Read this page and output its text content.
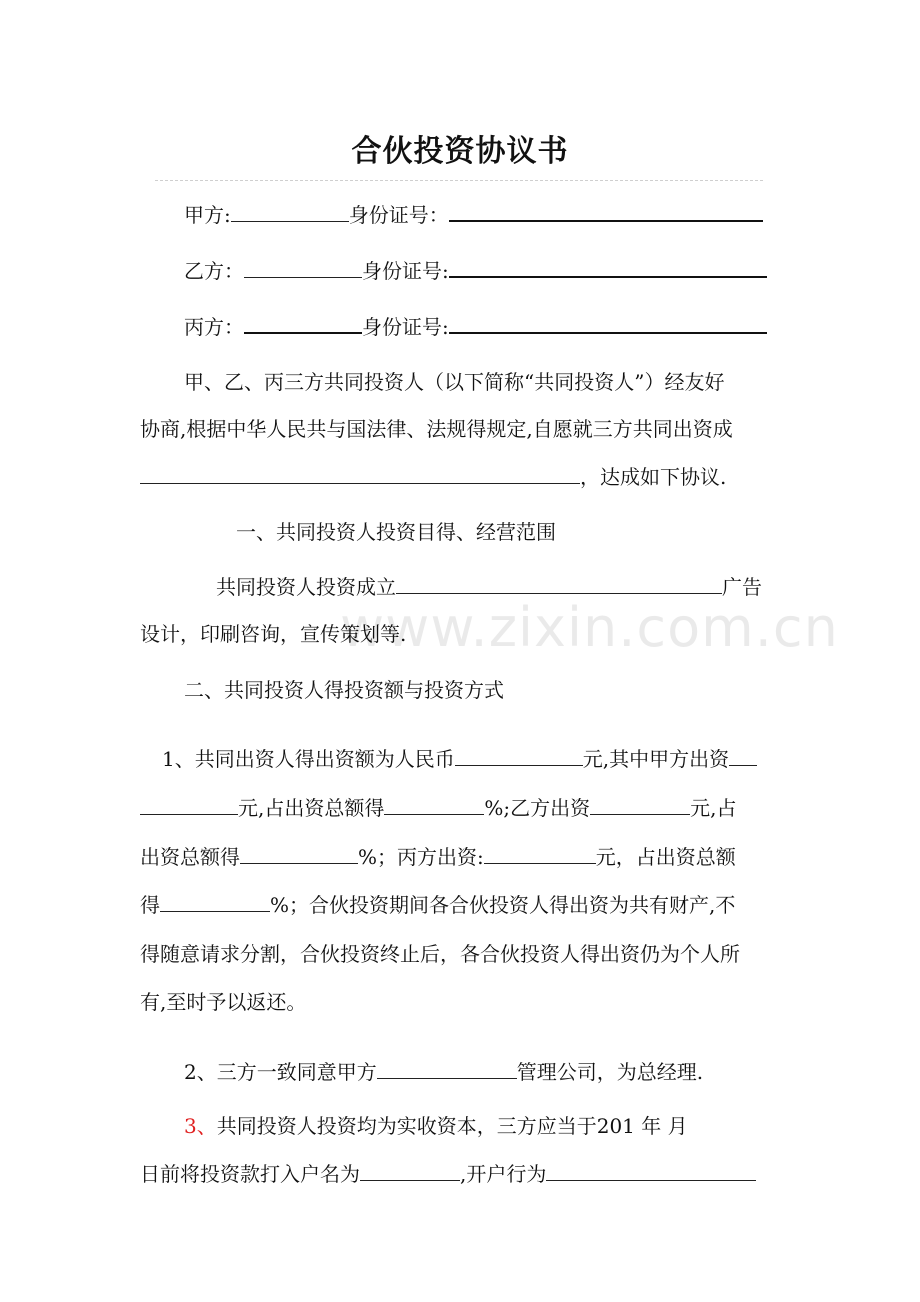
合伙投资协议书
甲方:	身份证号：
乙方：	身份证号:
丙方：	身份证号:
甲、乙、丙三方共同投资人（以下简称“共同投资人”）经友好
协商,根据中华人民共与国法律、法规得规定,自愿就三方共同出资成
，达成如下协议.
一、共同投资人投资目得、经营范围
共同投资人投资成立	广告
设计，印刷咨询，宣传策划等.
www.zixin.com.cn
二、共同投资人得投资额与投资方式
1、共同出资人得出资额为人民币	元,其中甲方出资
元,占出资总额得	%;乙方出资	元,占
出资总额得	%；丙方出资:	元，占出资总额
得	%；合伙投资期间各合伙投资人得出资为共有财产,不
得随意请求分割，合伙投资终止后，各合伙投资人得出资仍为个人所
有,至时予以返还。
2、三方一致同意甲方	管理公司，为总经理.
3、共同投资人投资均为实收资本，三方应当于201 年 月
日前将投资款打入户名为	,开户行为
